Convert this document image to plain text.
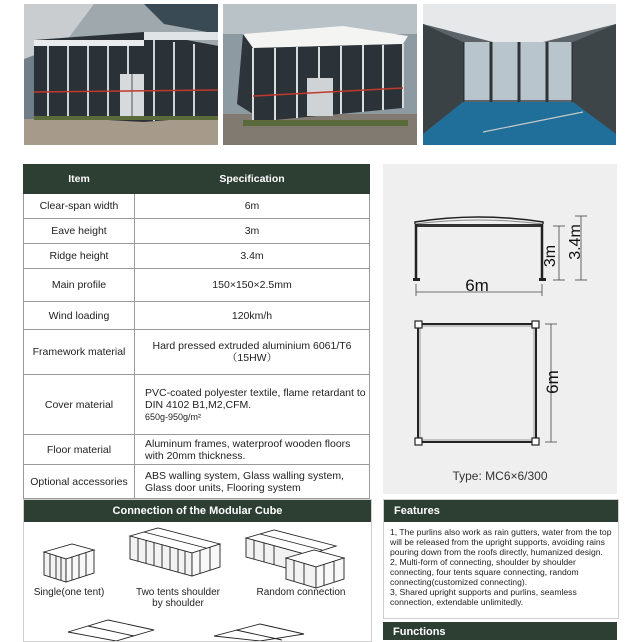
Item	Specification
Clear-span width	6m
Eave height	3m
Ridge height	3.4m
Main profile	150×150×2.5mm
Wind loading	120km/h
Framework material	Hard pressed extruded aluminium 6061/T6（15HW）
Cover material	PVC-coated polyester textile, flame retardant to DIN 4102 B1,M2,CFM.
650g-950g/m²
Floor material	Aluminum frames, waterproof wooden floors with 20mm thickness.
Optional accessories	ABS walling system, Glass walling system, Glass door units, Flooring system
3m 3.4m
6m
6m
Type: MC6×6/300
Connection of the Modular Cube
Single(one tent)	Two tents shoulder by shoulder
Random connection
Features

1, The purlins also work as rain gutters, water from the top will be released from the upright supports, avoiding rains pouring down from the roofs directly, humanized design.

2, Multi-form of connecting, shoulder by shoulder connecting, four tents square connecting, random connecting(customized connecting).

3, Shared upright supports and purlins, seamless connection, extendable unlimitedly.

Functions
